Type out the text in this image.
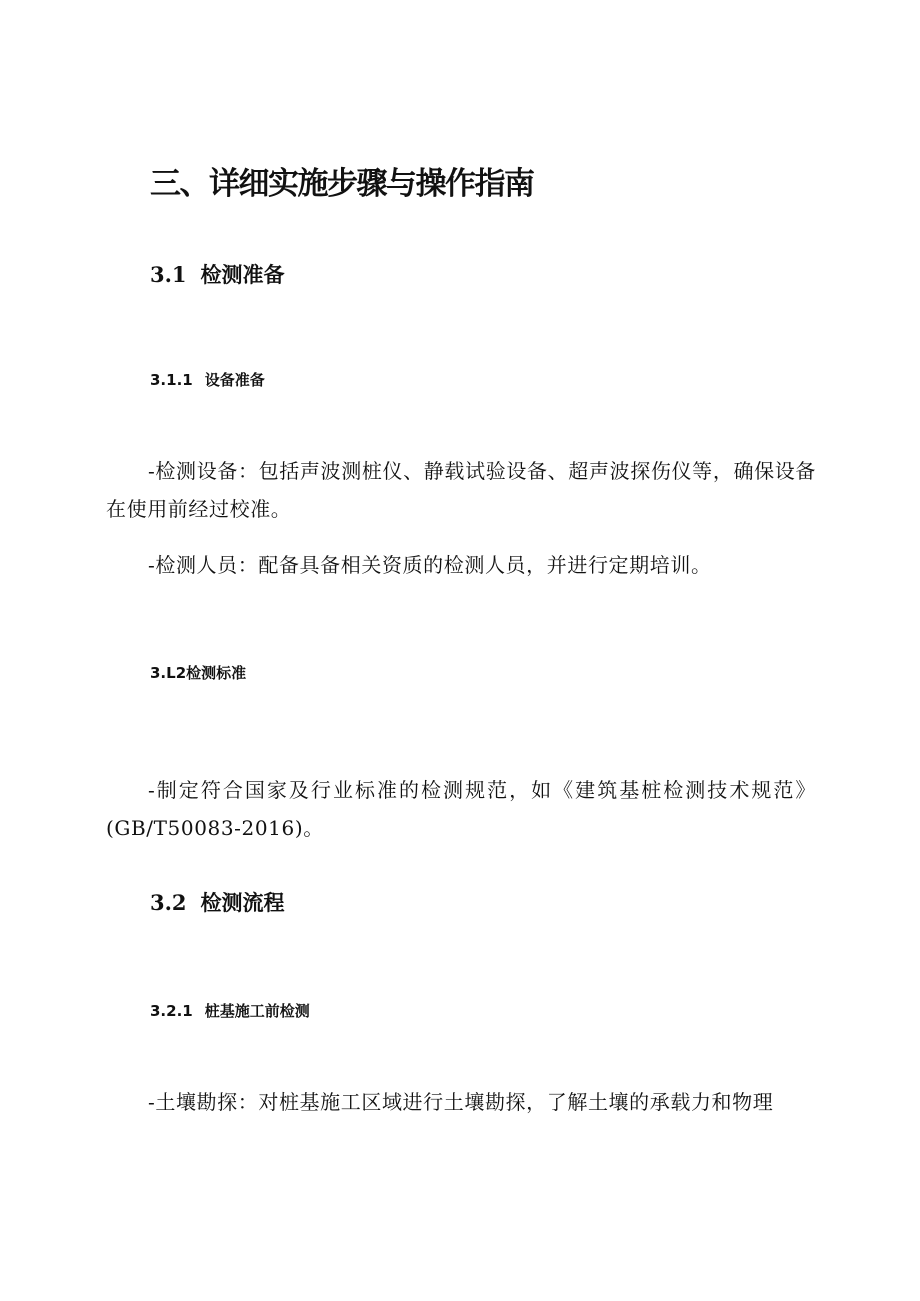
三、详细实施步骤与操作指南
3.1 检测准备
3.1.1 设备准备

-检测设备：包括声波测桩仪、静载试验设备、超声波探伤仪等，确保设备在使用前经过校准。

-检测人员：配备具备相关资质的检测人员，并进行定期培训。

3.L2检测标准

-制定符合国家及行业标准的检测规范，如《建筑基桩检测技术规范》(GB/T50083-2016)。

3.2 检测流程
3.2.1 桩基施工前检测

-土壤勘探：对桩基施工区域进行土壤勘探，了解土壤的承载力和物理
